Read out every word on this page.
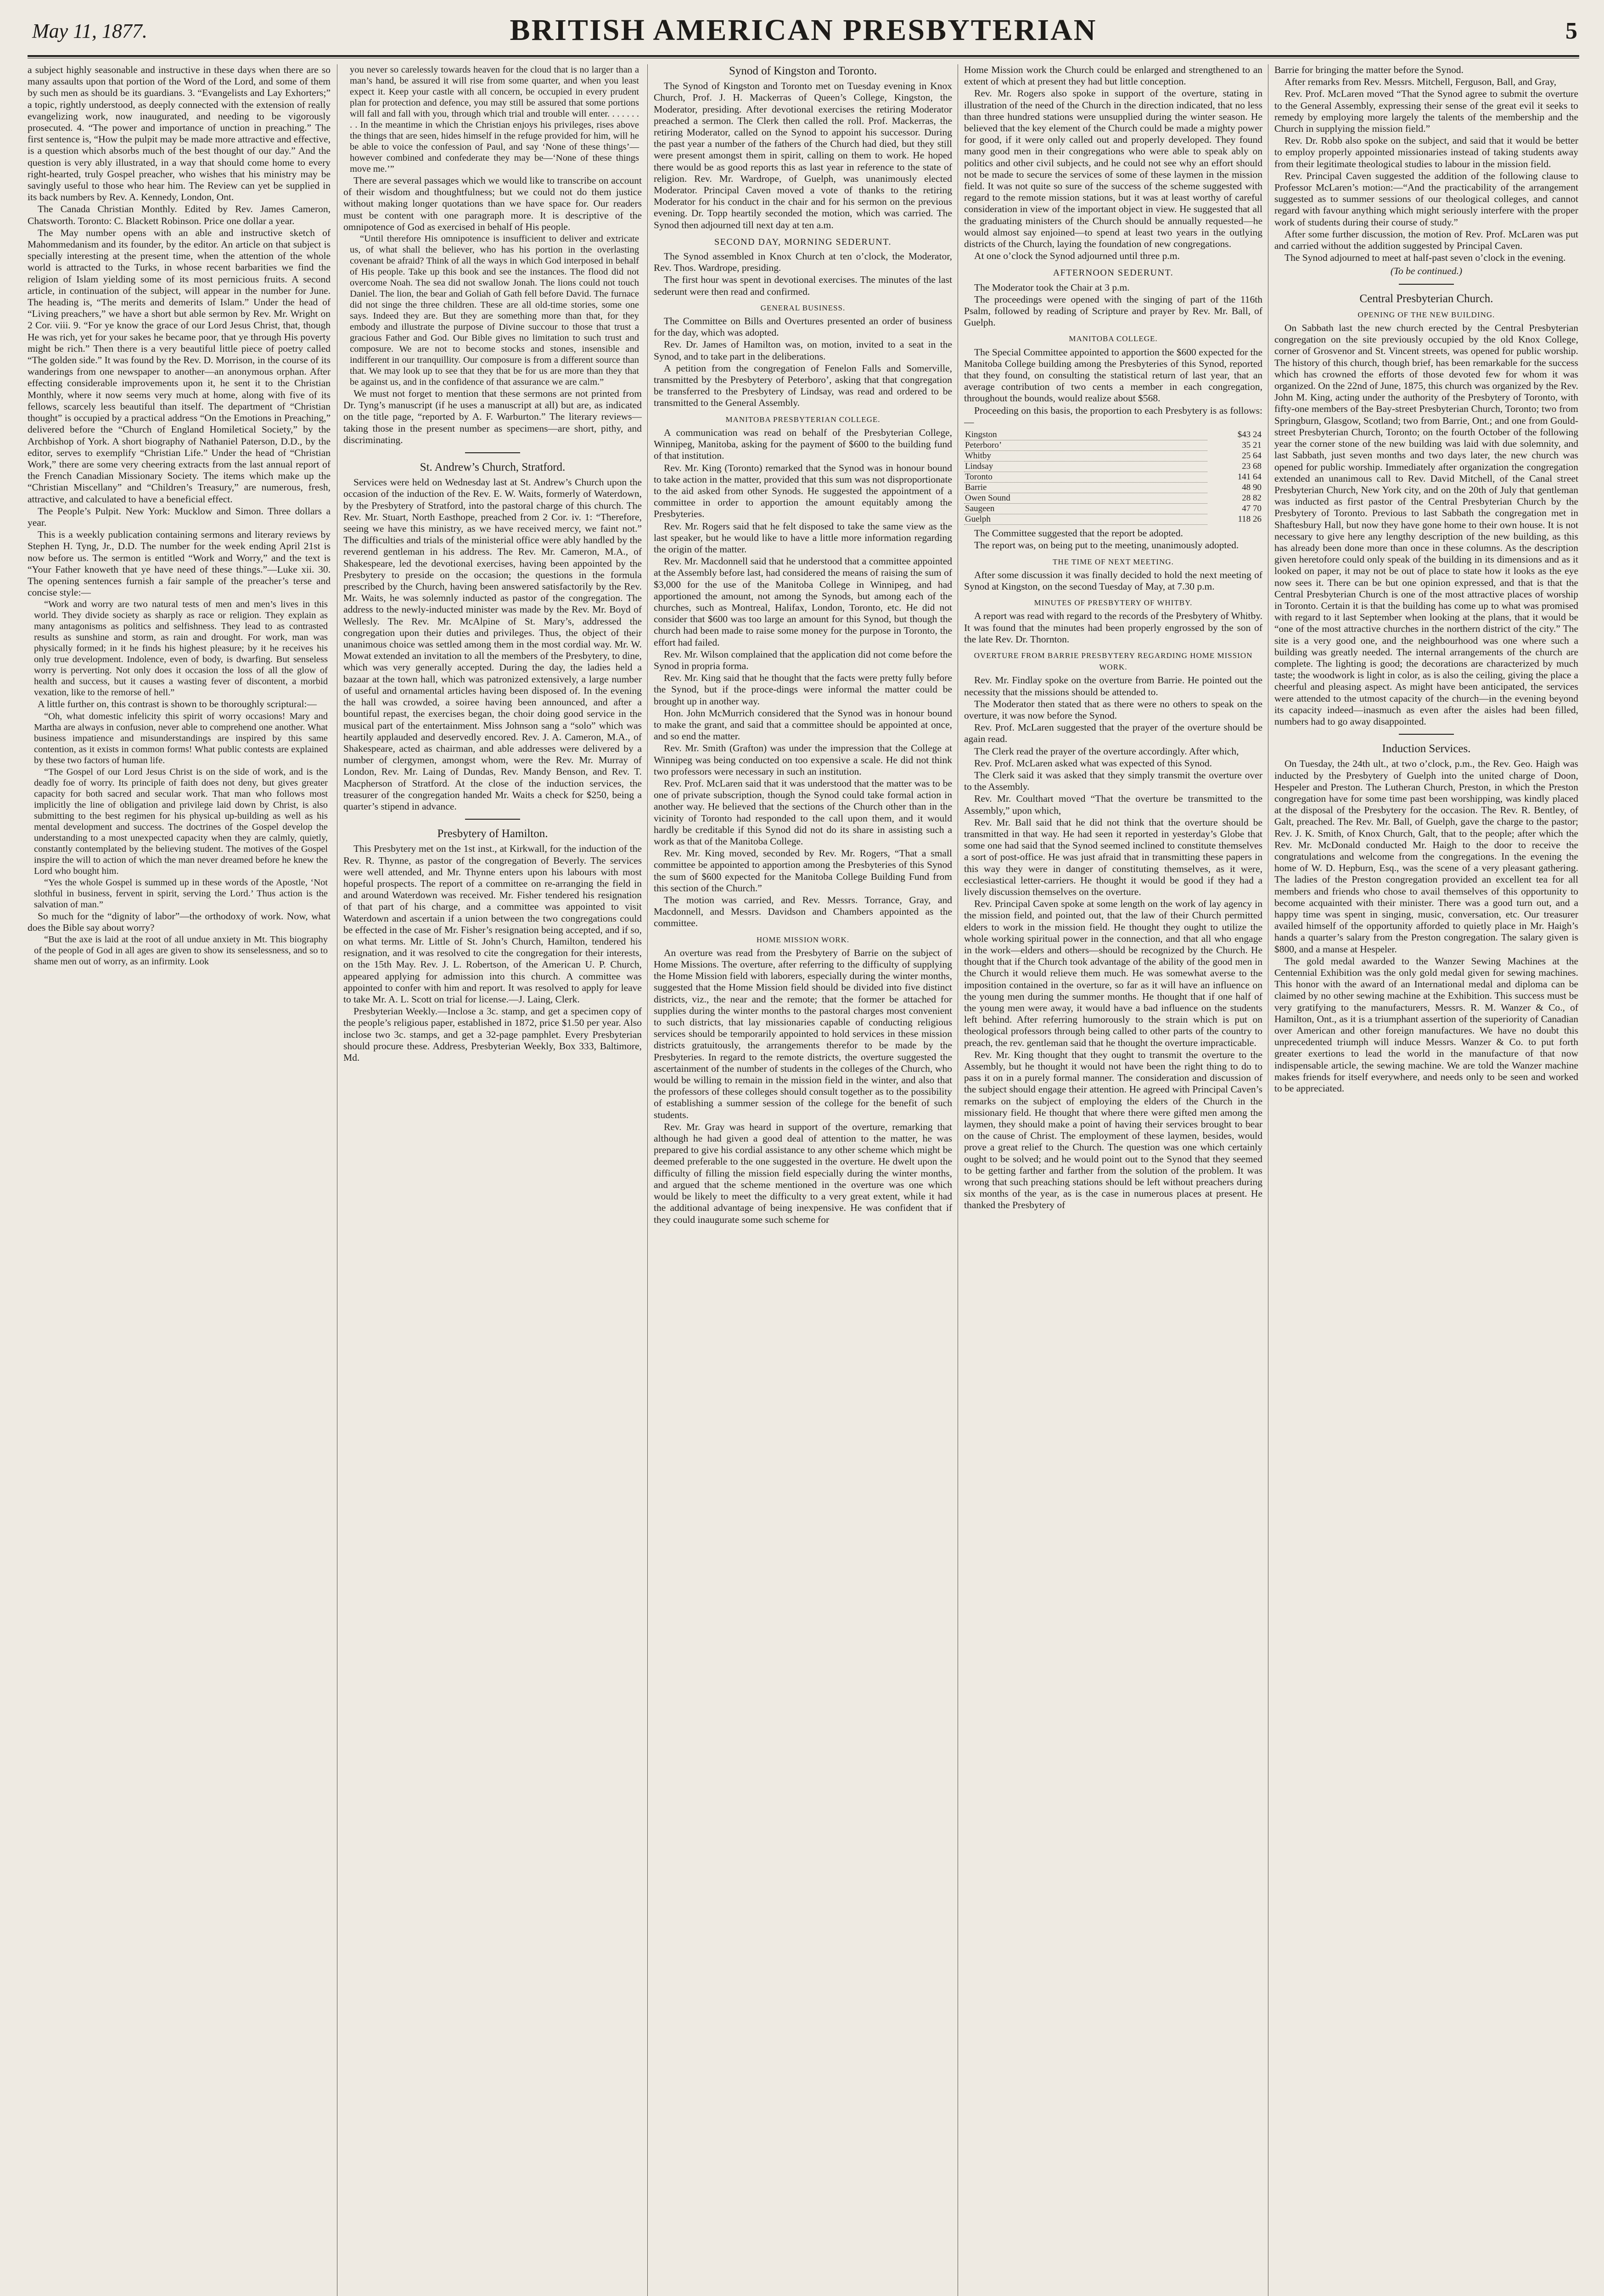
May 11, 1877.	BRITISH AMERICAN PRESBYTERIAN	5

a subject highly seasonable and instructive in these days when there are so many assaults upon that portion of the Word of the Lord, and some of them by such men as should be its guardians. 3. “Evangelists and Lay Exhorters;” a topic, rightly understood, as deeply connected with the extension of really evangelizing work, now inaugurated, and needing to be vigorously prosecuted. 4. “The power and importance of unction in preaching.” The first sentence is, “How the pulpit may be made more attractive and effective, is a question which absorbs much of the best thought of our day.” And the question is very ably illustrated, in a way that should come home to every right-hearted, truly Gospel preacher, who wishes that his ministry may be savingly useful to those who hear him. The Review can yet be supplied in its back numbers by Rev. A. Kennedy, London, Ont.

The Canada Christian Monthly. Edited by Rev. James Cameron, Chatsworth. Toronto: C. Blackett Robinson. Price one dollar a year.

The May number opens with an able and instructive sketch of Mahommedanism and its founder, by the editor. An article on that subject is specially interesting at the present time, when the attention of the whole world is attracted to the Turks, in whose recent barbarities we find the religion of Islam yielding some of its most pernicious fruits. A second article, in continuation of the subject, will appear in the number for June. The heading is, “The merits and demerits of Islam.” Under the head of “Living preachers,” we have a short but able sermon by Rev. Mr. Wright on 2 Cor. viii. 9. “For ye know the grace of our Lord Jesus Christ, that, though He was rich, yet for your sakes he became poor, that ye through His poverty might be rich.” Then there is a very beautiful little piece of poetry called “The golden side.” It was found by the Rev. D. Morrison, in the course of its wanderings from one newspaper to another—an anonymous orphan. After effecting considerable improvements upon it, he sent it to the Christian Monthly, where it now seems very much at home, along with five of its fellows, scarcely less beautiful than itself. The department of “Christian thought” is occupied by a practical address “On the Emotions in Preaching,” delivered before the “Church of England Homiletical Society,” by the Archbishop of York. A short biography of Nathaniel Paterson, D.D., by the editor, serves to exemplify “Christian Life.” Under the head of “Christian Work,” there are some very cheering extracts from the last annual report of the French Canadian Missionary Society. The items which make up the “Christian Miscellany” and “Children’s Treasury,” are numerous, fresh, attractive, and calculated to have a beneficial effect.

The People’s Pulpit. New York: Mucklow and Simon. Three dollars a year.

This is a weekly publication containing sermons and literary reviews by Stephen H. Tyng, Jr., D.D. The number for the week ending April 21st is now before us. The sermon is entitled “Work and Worry,” and the text is “Your Father knoweth that ye have need of these things.”—Luke xii. 30. The opening sentences furnish a fair sample of the preacher’s terse and concise style:—

“Work and worry are two natural tests of men and men’s lives in this world. They divide society as sharply as race or religion. They explain as many antagonisms as politics and selfishness. They lead to as contrasted results as sunshine and storm, as rain and drought. For work, man was physically formed; in it he finds his highest pleasure; by it he receives his only true development. Indolence, even of body, is dwarfing. But senseless worry is perverting. Not only does it occasion the loss of all the glow of health and success, but it causes a wasting fever of discontent, a morbid vexation, like to the remorse of hell.”

A little further on, this contrast is shown to be thoroughly scriptural:—

“Oh, what domestic infelicity this spirit of worry occasions! Mary and Martha are always in confusion, never able to comprehend one another. What business impatience and misunderstandings are inspired by this same contention, as it exists in common forms! What public contests are explained by these two factors of human life.

“The Gospel of our Lord Jesus Christ is on the side of work, and is the deadly foe of worry. Its principle of faith does not deny, but gives greater capacity for both sacred and secular work. That man who follows most implicitly the line of obligation and privilege laid down by Christ, is also submitting to the best regimen for his physical up-building as well as his mental development and success. The doctrines of the Gospel develop the understanding to a most unexpected capacity when they are calmly, quietly, constantly contemplated by the believing student. The motives of the Gospel inspire the will to action of which the man never dreamed before he knew the Lord who bought him.

“Yes the whole Gospel is summed up in these words of the Apostle, ‘Not slothful in business, fervent in spirit, serving the Lord.’ Thus action is the salvation of man.”

So much for the “dignity of labor”—the orthodoxy of work. Now, what does the Bible say about worry?

“But the axe is laid at the root of all undue anxiety in Mt. This biography of the people of God in all ages are given to show its senselessness, and so to shame men out of worry, as an infirmity. Look

you never so carelessly towards heaven for the cloud that is no larger than a man’s hand, be assured it will rise from some quarter, and when you least expect it. Keep your castle with all concern, be occupied in every prudent plan for protection and defence, you may still be assured that some portions will fall and fall with you, through which trial and trouble will enter. . . . . . . . . In the meantime in which the Christian enjoys his privileges, rises above the things that are seen, hides himself in the refuge provided for him, will he be able to voice the confession of Paul, and say ‘None of these things’—however combined and confederate they may be—‘None of these things move me.’”

There are several passages which we would like to transcribe on account of their wisdom and thoughtfulness; but we could not do them justice without making longer quotations than we have space for. Our readers must be content with one paragraph more. It is descriptive of the omnipotence of God as exercised in behalf of His people.

“Until therefore His omnipotence is insufficient to deliver and extricate us, of what shall the believer, who has his portion in the overlasting covenant be afraid? Think of all the ways in which God interposed in behalf of His people. Take up this book and see the instances. The flood did not overcome Noah. The sea did not swallow Jonah. The lions could not touch Daniel. The lion, the bear and Goliah of Gath fell before David. The furnace did not singe the three children. These are all old-time stories, some one says. Indeed they are. But they are something more than that, for they embody and illustrate the purpose of Divine succour to those that trust a gracious Father and God. Our Bible gives no limitation to such trust and composure. We are not to become stocks and stones, insensible and indifferent in our tranquillity. Our composure is from a different source than that. We may look up to see that they that be for us are more than they that be against us, and in the confidence of that assurance we are calm.”

We must not forget to mention that these sermons are not printed from Dr. Tyng’s manuscript (if he uses a manuscript at all) but are, as indicated on the title page, “reported by A. F. Warburton.” The literary reviews—taking those in the present number as specimens—are short, pithy, and discriminating.

St. Andrew’s Church, Stratford.

Services were held on Wednesday last at St. Andrew’s Church upon the occasion of the induction of the Rev. E. W. Waits, formerly of Waterdown, by the Presbytery of Stratford, into the pastoral charge of this church. The Rev. Mr. Stuart, North Easthope, preached from 2 Cor. iv. 1: “Therefore, seeing we have this ministry, as we have received mercy, we faint not.” The difficulties and trials of the ministerial office were ably handled by the reverend gentleman in his address. The Rev. Mr. Cameron, M.A., of Shakespeare, led the devotional exercises, having been appointed by the Presbytery to preside on the occasion; the questions in the formula prescribed by the Church, having been answered satisfactorily by the Rev. Mr. Waits, he was solemnly inducted as pastor of the congregation. The address to the newly-inducted minister was made by the Rev. Mr. Boyd of Wellesly. The Rev. Mr. McAlpine of St. Mary’s, addressed the congregation upon their duties and privileges. Thus, the object of their unanimous choice was settled among them in the most cordial way. Mr. W. Mowat extended an invitation to all the members of the Presbytery, to dine, which was very generally accepted. During the day, the ladies held a bazaar at the town hall, which was patronized extensively, a large number of useful and ornamental articles having been disposed of. In the evening the hall was crowded, a soiree having been announced, and after a bountiful repast, the exercises began, the choir doing good service in the musical part of the entertainment. Miss Johnson sang a “solo” which was heartily applauded and deservedly encored. Rev. J. A. Cameron, M.A., of Shakespeare, acted as chairman, and able addresses were delivered by a number of clergymen, amongst whom, were the Rev. Mr. Murray of London, Rev. Mr. Laing of Dundas, Rev. Mandy Benson, and Rev. T. Macpherson of Stratford. At the close of the induction services, the treasurer of the congregation handed Mr. Waits a check for $250, being a quarter’s stipend in advance.

Presbytery of Hamilton.

This Presbytery met on the 1st inst., at Kirkwall, for the induction of the Rev. R. Thynne, as pastor of the congregation of Beverly. The services were well attended, and Mr. Thynne enters upon his labours with most hopeful prospects. The report of a committee on re-arranging the field in and around Waterdown was received. Mr. Fisher tendered his resignation of that part of his charge, and a committee was appointed to visit Waterdown and ascertain if a union between the two congregations could be effected in the case of Mr. Fisher’s resignation being accepted, and if so, on what terms. Mr. Little of St. John’s Church, Hamilton, tendered his resignation, and it was resolved to cite the congregation for their interests, on the 15th May. Rev. J. L. Robertson, of the American U. P. Church, appeared applying for admission into this church. A committee was appointed to confer with him and report. It was resolved to apply for leave to take Mr. A. L. Scott on trial for license.—J. Laing, Clerk.

Presbyterian Weekly.—Inclose a 3c. stamp, and get a specimen copy of the people’s religious paper, established in 1872, price $1.50 per year. Also inclose two 3c. stamps, and get a 32-page pamphlet. Every Presbyterian should procure these. Address, Presbyterian Weekly, Box 333, Baltimore, Md.

Synod of Kingston and Toronto.

The Synod of Kingston and Toronto met on Tuesday evening in Knox Church, Prof. J. H. Mackerras of Queen’s College, Kingston, the Moderator, presiding. After devotional exercises the retiring Moderator preached a sermon. The Clerk then called the roll. Prof. Mackerras, the retiring Moderator, called on the Synod to appoint his successor. During the past year a number of the fathers of the Church had died, but they still were present amongst them in spirit, calling on them to work. He hoped there would be as good reports this as last year in reference to the state of religion. Rev. Mr. Wardrope, of Guelph, was unanimously elected Moderator. Principal Caven moved a vote of thanks to the retiring Moderator for his conduct in the chair and for his sermon on the previous evening. Dr. Topp heartily seconded the motion, which was carried. The Synod then adjourned till next day at ten a.m.

SECOND DAY, MORNING SEDERUNT.

The Synod assembled in Knox Church at ten o’clock, the Moderator, Rev. Thos. Wardrope, presiding.

The first hour was spent in devotional exercises. The minutes of the last sederunt were then read and confirmed.

GENERAL BUSINESS.

The Committee on Bills and Overtures presented an order of business for the day, which was adopted.

Rev. Dr. James of Hamilton was, on motion, invited to a seat in the Synod, and to take part in the deliberations.

A petition from the congregation of Fenelon Falls and Somerville, transmitted by the Presbytery of Peterboro’, asking that that congregation be transferred to the Presbytery of Lindsay, was read and ordered to be transmitted to the General Assembly.

MANITOBA PRESBYTERIAN COLLEGE.

A communication was read on behalf of the Presbyterian College, Winnipeg, Manitoba, asking for the payment of $600 to the building fund of that institution.

Rev. Mr. King (Toronto) remarked that the Synod was in honour bound to take action in the matter, provided that this sum was not disproportionate to the aid asked from other Synods. He suggested the appointment of a committee in order to apportion the amount equitably among the Presbyteries.

Rev. Mr. Rogers said that he felt disposed to take the same view as the last speaker, but he would like to have a little more information regarding the origin of the matter.

Rev. Mr. Macdonnell said that he understood that a committee appointed at the Assembly before last, had considered the means of raising the sum of $3,000 for the use of the Manitoba College in Winnipeg, and had apportioned the amount, not among the Synods, but among each of the churches, such as Montreal, Halifax, London, Toronto, etc. He did not consider that $600 was too large an amount for this Synod, but though the church had been made to raise some money for the purpose in Toronto, the effort had failed.

Rev. Mr. Wilson complained that the application did not come before the Synod in propria forma.

Rev. Mr. King said that he thought that the facts were pretty fully before the Synod, but if the proce-dings were informal the matter could be brought up in another way.

Hon. John McMurrich considered that the Synod was in honour bound to make the grant, and said that a committee should be appointed at once, and so end the matter.

Rev. Mr. Smith (Grafton) was under the impression that the College at Winnipeg was being conducted on too expensive a scale. He did not think two professors were necessary in such an institution.

Rev. Prof. McLaren said that it was understood that the matter was to be one of private subscription, though the Synod could take formal action in another way. He believed that the sections of the Church other than in the vicinity of Toronto had responded to the call upon them, and it would hardly be creditable if this Synod did not do its share in assisting such a work as that of the Manitoba College.

Rev. Mr. King moved, seconded by Rev. Mr. Rogers, “That a small committee be appointed to apportion among the Presbyteries of this Synod the sum of $600 expected for the Manitoba College Building Fund from this section of the Church.”

The motion was carried, and Rev. Messrs. Torrance, Gray, and Macdonnell, and Messrs. Davidson and Chambers appointed as the committee.

HOME MISSION WORK.

An overture was read from the Presbytery of Barrie on the subject of Home Missions. The overture, after referring to the difficulty of supplying the Home Mission field with laborers, especially during the winter months, suggested that the Home Mission field should be divided into five distinct districts, viz., the near and the remote; that the former be attached for supplies during the winter months to the pastoral charges most convenient to such districts, that lay missionaries capable of conducting religious services should be temporarily appointed to hold services in these mission districts gratuitously, the arrangements therefor to be made by the Presbyteries. In regard to the remote districts, the overture suggested the ascertainment of the number of students in the colleges of the Church, who would be willing to remain in the mission field in the winter, and also that the professors of these colleges should consult together as to the possibility of establishing a summer session of the college for the benefit of such students.

Rev. Mr. Gray was heard in support of the overture, remarking that although he had given a good deal of attention to the matter, he was prepared to give his cordial assistance to any other scheme which might be deemed preferable to the one suggested in the overture. He dwelt upon the difficulty of filling the mission field especially during the winter months, and argued that the scheme mentioned in the overture was one which would be likely to meet the difficulty to a very great extent, while it had the additional advantage of being inexpensive. He was confident that if they could inaugurate some such scheme for

Home Mission work the Church could be enlarged and strengthened to an extent of which at present they had but little conception.

Rev. Mr. Rogers also spoke in support of the overture, stating in illustration of the need of the Church in the direction indicated, that no less than three hundred stations were unsupplied during the winter season. He believed that the key element of the Church could be made a mighty power for good, if it were only called out and properly developed. They found many good men in their congregations who were able to speak ably on politics and other civil subjects, and he could not see why an effort should not be made to secure the services of some of these laymen in the mission field. It was not quite so sure of the success of the scheme suggested with regard to the remote mission stations, but it was at least worthy of careful consideration in view of the important object in view. He suggested that all the graduating ministers of the Church should be annually requested—he would almost say enjoined—to spend at least two years in the outlying districts of the Church, laying the foundation of new congregations.

At one o’clock the Synod adjourned until three p.m.

AFTERNOON SEDERUNT.

The Moderator took the Chair at 3 p.m.

The proceedings were opened with the singing of part of the 116th Psalm, followed by reading of Scripture and prayer by Rev. Mr. Ball, of Guelph.

MANITOBA COLLEGE.

The Special Committee appointed to apportion the $600 expected for the Manitoba College building among the Presbyteries of this Synod, reported that they found, on consulting the statistical return of last year, that an average contribution of two cents a member in each congregation, throughout the bounds, would realize about $568.

Proceeding on this basis, the proportion to each Presbytery is as follows:—

Kingston	$43 24
Peterboro’	35 21
Whitby	25 64
Lindsay	23 68
Toronto	141 64
Barrie	48 90
Owen Sound	28 82
Saugeen	47 70
Guelph	118 26

The Committee suggested that the report be adopted.

The report was, on being put to the meeting, unanimously adopted.

THE TIME OF NEXT MEETING.

After some discussion it was finally decided to hold the next meeting of Synod at Kingston, on the second Tuesday of May, at 7.30 p.m.

MINUTES OF PRESBYTERY OF WHITBY.

A report was read with regard to the records of the Presbytery of Whitby. It was found that the minutes had been properly engrossed by the son of the late Rev. Dr. Thornton.

OVERTURE FROM BARRIE PRESBYTERY REGARDING HOME MISSION WORK.

Rev. Mr. Findlay spoke on the overture from Barrie. He pointed out the necessity that the missions should be attended to.

The Moderator then stated that as there were no others to speak on the overture, it was now before the Synod.

Rev. Prof. McLaren suggested that the prayer of the overture should be again read.

The Clerk read the prayer of the overture accordingly. After which,

Rev. Prof. McLaren asked what was expected of this Synod.

The Clerk said it was asked that they simply transmit the overture over to the Assembly.

Rev. Mr. Coulthart moved “That the overture be transmitted to the Assembly,” upon which,

Rev. Mr. Ball said that he did not think that the overture should be transmitted in that way. He had seen it reported in yesterday’s Globe that some one had said that the Synod seemed inclined to constitute themselves a sort of post-office. He was just afraid that in transmitting these papers in this way they were in danger of constituting themselves, as it were, ecclesiastical letter-carriers. He thought it would be good if they had a lively discussion themselves on the overture.

Rev. Principal Caven spoke at some length on the work of lay agency in the mission field, and pointed out, that the law of their Church permitted elders to work in the mission field. He thought they ought to utilize the whole working spiritual power in the connection, and that all who engage in the work—elders and others—should be recognized by the Church. He thought that if the Church took advantage of the ability of the good men in the Church it would relieve them much. He was somewhat averse to the imposition contained in the overture, so far as it will have an influence on the young men during the summer months. He thought that if one half of the young men were away, it would have a bad influence on the students left behind. After referring humorously to the strain which is put on theological professors through being called to other parts of the country to preach, the rev. gentleman said that he thought the overture impracticable.

Rev. Mr. King thought that they ought to transmit the overture to the Assembly, but he thought it would not have been the right thing to do to pass it on in a purely formal manner. The consideration and discussion of the subject should engage their attention. He agreed with Principal Caven’s remarks on the subject of employing the elders of the Church in the missionary field. He thought that where there were gifted men among the laymen, they should make a point of having their services brought to bear on the cause of Christ. The employment of these laymen, besides, would prove a great relief to the Church. The question was one which certainly ought to be solved; and he would point out to the Synod that they seemed to be getting farther and farther from the solution of the problem. It was wrong that such preaching stations should be left without preachers during six months of the year, as is the case in numerous places at present. He thanked the Presbytery of

Barrie for bringing the matter before the Synod.

After remarks from Rev. Messrs. Mitchell, Ferguson, Ball, and Gray,

Rev. Prof. McLaren moved “That the Synod agree to submit the overture to the General Assembly, expressing their sense of the great evil it seeks to remedy by employing more largely the talents of the membership and the Church in supplying the mission field.”

Rev. Dr. Robb also spoke on the subject, and said that it would be better to employ properly appointed missionaries instead of taking students away from their legitimate theological studies to labour in the mission field.

Rev. Principal Caven suggested the addition of the following clause to Professor McLaren’s motion:—“And the practicability of the arrangement suggested as to summer sessions of our theological colleges, and cannot regard with favour anything which might seriously interfere with the proper work of students during their course of study.”

After some further discussion, the motion of Rev. Prof. McLaren was put and carried without the addition suggested by Principal Caven.

The Synod adjourned to meet at half-past seven o’clock in the evening.

(To be continued.)
Central Presbyterian Church.
OPENING OF THE NEW BUILDING.

On Sabbath last the new church erected by the Central Presbyterian congregation on the site previously occupied by the old Knox College, corner of Grosvenor and St. Vincent streets, was opened for public worship. The history of this church, though brief, has been remarkable for the success which has crowned the efforts of those devoted few for whom it was organized. On the 22nd of June, 1875, this church was organized by the Rev. John M. King, acting under the authority of the Presbytery of Toronto, with fifty-one members of the Bay-street Presbyterian Church, Toronto; two from Springburn, Glasgow, Scotland; two from Barrie, Ont.; and one from Gould-street Presbyterian Church, Toronto; on the fourth October of the following year the corner stone of the new building was laid with due solemnity, and last Sabbath, just seven months and two days later, the new church was opened for public worship. Immediately after organization the congregation extended an unanimous call to Rev. David Mitchell, of the Canal street Presbyterian Church, New York city, and on the 20th of July that gentleman was inducted as first pastor of the Central Presbyterian Church by the Presbytery of Toronto. Previous to last Sabbath the congregation met in Shaftesbury Hall, but now they have gone home to their own house. It is not necessary to give here any lengthy description of the new building, as this has already been done more than once in these columns. As the description given heretofore could only speak of the building in its dimensions and as it looked on paper, it may not be out of place to state how it looks as the eye now sees it. There can be but one opinion expressed, and that is that the Central Presbyterian Church is one of the most attractive places of worship in Toronto. Certain it is that the building has come up to what was promised with regard to it last September when looking at the plans, that it would be “one of the most attractive churches in the northern district of the city.” The site is a very good one, and the neighbourhood was one where such a building was greatly needed. The internal arrangements of the church are complete. The lighting is good; the decorations are characterized by much taste; the woodwork is light in color, as is also the ceiling, giving the place a cheerful and pleasing aspect. As might have been anticipated, the services were attended to the utmost capacity of the church—in the evening beyond its capacity indeed—inasmuch as even after the aisles had been filled, numbers had to go away disappointed.

Induction Services.

On Tuesday, the 24th ult., at two o’clock, p.m., the Rev. Geo. Haigh was inducted by the Presbytery of Guelph into the united charge of Doon, Hespeler and Preston. The Lutheran Church, Preston, in which the Preston congregation have for some time past been worshipping, was kindly placed at the disposal of the Presbytery for the occasion. The Rev. R. Bentley, of Galt, preached. The Rev. Mr. Ball, of Guelph, gave the charge to the pastor; Rev. J. K. Smith, of Knox Church, Galt, that to the people; after which the Rev. Mr. McDonald conducted Mr. Haigh to the door to receive the congratulations and welcome from the congregations. In the evening the home of W. D. Hepburn, Esq., was the scene of a very pleasant gathering. The ladies of the Preston congregation provided an excellent tea for all members and friends who chose to avail themselves of this opportunity to become acquainted with their minister. There was a good turn out, and a happy time was spent in singing, music, conversation, etc. Our treasurer availed himself of the opportunity afforded to quietly place in Mr. Haigh’s hands a quarter’s salary from the Preston congregation. The salary given is $800, and a manse at Hespeler.

The gold medal awarded to the Wanzer Sewing Machines at the Centennial Exhibition was the only gold medal given for sewing machines. This honor with the award of an International medal and diploma can be claimed by no other sewing machine at the Exhibition. This success must be very gratifying to the manufacturers, Messrs. R. M. Wanzer & Co., of Hamilton, Ont., as it is a triumphant assertion of the superiority of Canadian over American and other foreign manufactures. We have no doubt this unprecedented triumph will induce Messrs. Wanzer & Co. to put forth greater exertions to lead the world in the manufacture of that now indispensable article, the sewing machine. We are told the Wanzer machine makes friends for itself everywhere, and needs only to be seen and worked to be appreciated.
